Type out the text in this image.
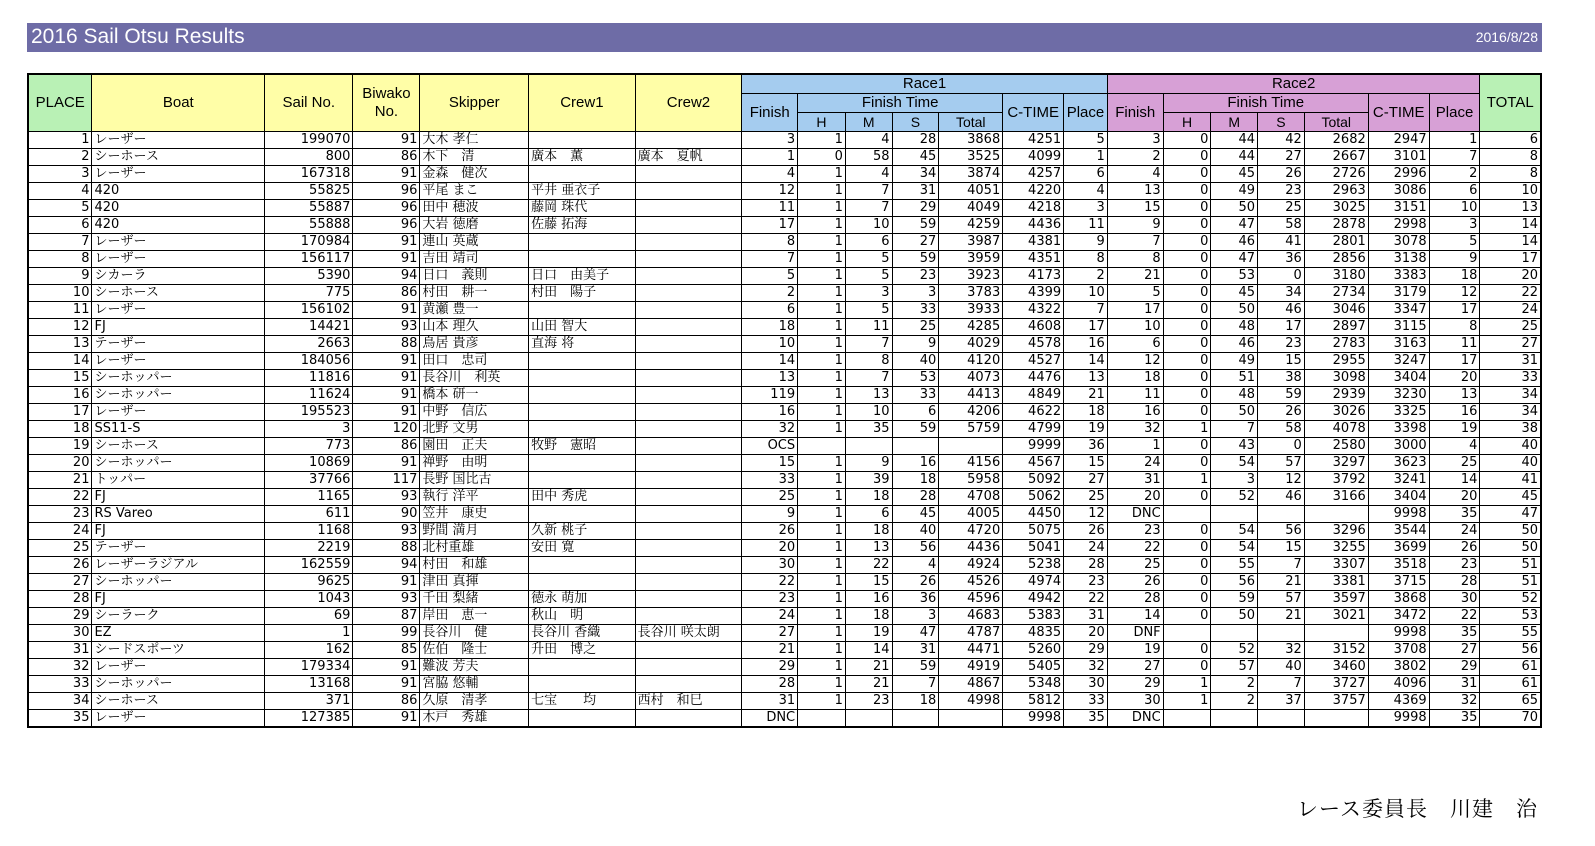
2016 Sail Otsu Results	2016/8/28
PLACE	Boat	Sail No.	Biwako No.	Skipper	Crew1	Crew2	Race1							Race2							TOTAL
							Finish	Finish Time				C-TIME	Place	Finish	Finish Time				C-TIME	Place	
								H	M	S	Total				H	M	S	Total			
1	レーザー	199070	91	大木 孝仁			3	1	4	28	3868	4251	5	3	0	44	42	2682	2947	1	6
2	シーホース	800	86	木下　清	廣本　薫	廣本　夏帆	1	0	58	45	3525	4099	1	2	0	44	27	2667	3101	7	8
3	レーザー	167318	91	金森　健次			4	1	4	34	3874	4257	6	4	0	45	26	2726	2996	2	8
4	420	55825	96	平尾 まこ	平井 亜衣子		12	1	7	31	4051	4220	4	13	0	49	23	2963	3086	6	10
5	420	55887	96	田中 穂波	藤岡 珠代		11	1	7	29	4049	4218	3	15	0	50	25	3025	3151	10	13
6	420	55888	96	大岩 徳磨	佐藤 拓海		17	1	10	59	4259	4436	11	9	0	47	58	2878	2998	3	14
7	レーザー	170984	91	連山 英蔵			8	1	6	27	3987	4381	9	7	0	46	41	2801	3078	5	14
8	レーザー	156117	91	吉田 靖司			7	1	5	59	3959	4351	8	8	0	47	36	2856	3138	9	17
9	シカーラ	5390	94	日口　義則	日口　由美子		5	1	5	23	3923	4173	2	21	0	53	0	3180	3383	18	20
10	シーホース	775	86	村田　耕一	村田　陽子		2	1	3	3	3783	4399	10	5	0	45	34	2734	3179	12	22
11	レーザー	156102	91	黄瀬 豊一			6	1	5	33	3933	4322	7	17	0	50	46	3046	3347	17	24
12	FJ	14421	93	山本 理久	山田 智大		18	1	11	25	4285	4608	17	10	0	48	17	2897	3115	8	25
13	テーザー	2663	88	鳥居 貴彦	直海 将		10	1	7	9	4029	4578	16	6	0	46	23	2783	3163	11	27
14	レーザー	184056	91	田口　忠司			14	1	8	40	4120	4527	14	12	0	49	15	2955	3247	17	31
15	シーホッパー	11816	91	長谷川　利英			13	1	7	53	4073	4476	13	18	0	51	38	3098	3404	20	33
16	シーホッパー	11624	91	橋本 研一			119	1	13	33	4413	4849	21	11	0	48	59	2939	3230	13	34
17	レーザー	195523	91	中野　信広			16	1	10	6	4206	4622	18	16	0	50	26	3026	3325	16	34
18	SS11-S	3	120	北野 文男			32	1	35	59	5759	4799	19	32	1	7	58	4078	3398	19	38
19	シーホース	773	86	園田　正夫	牧野　憲昭		OCS					9999	36	1	0	43	0	2580	3000	4	40
20	シーホッパー	10869	91	禅野　由明			15	1	9	16	4156	4567	15	24	0	54	57	3297	3623	25	40
21	トッパー	37766	117	長野 国比古			33	1	39	18	5958	5092	27	31	1	3	12	3792	3241	14	41
22	FJ	1165	93	執行 洋平	田中 秀虎		25	1	18	28	4708	5062	25	20	0	52	46	3166	3404	20	45
23	RS Vareo	611	90	笠井　康史			9	1	6	45	4005	4450	12	DNC					9998	35	47
24	FJ	1168	93	野間 満月	久新 桃子		26	1	18	40	4720	5075	26	23	0	54	56	3296	3544	24	50
25	テーザー	2219	88	北村重雄	安田 寛		20	1	13	56	4436	5041	24	22	0	54	15	3255	3699	26	50
26	レーザーラジアル	162559	94	村田　和雄			30	1	22	4	4924	5238	28	25	0	55	7	3307	3518	23	51
27	シーホッパー	9625	91	津田 真揮			22	1	15	26	4526	4974	23	26	0	56	21	3381	3715	28	51
28	FJ	1043	93	千田 梨緒	徳永 萌加		23	1	16	36	4596	4942	22	28	0	59	57	3597	3868	30	52
29	シーラーク	69	87	岸田　恵一	秋山　明		24	1	18	3	4683	5383	31	14	0	50	21	3021	3472	22	53
30	EZ	1	99	長谷川　健	長谷川 香織	長谷川 咲太朗	27	1	19	47	4787	4835	20	DNF					9998	35	55
31	シードスポーツ	162	85	佐伯　隆士	升田　博之		21	1	14	31	4471	5260	29	19	0	52	32	3152	3708	27	56
32	レーザー	179334	91	難波 芳夫			29	1	21	59	4919	5405	32	27	0	57	40	3460	3802	29	61
33	シーホッパー	13168	91	宮脇 悠輔			28	1	21	7	4867	5348	30	29	1	2	7	3727	4096	31	61
34	シーホース	371	86	久原　清孝	七宝　　均	西村　和巳	31	1	23	18	4998	5812	33	30	1	2	37	3757	4369	32	65
35	レーザー	127385	91	木戸　秀雄			DNC					9998	35	DNC					9998	35	70
レース委員長　川建　治
